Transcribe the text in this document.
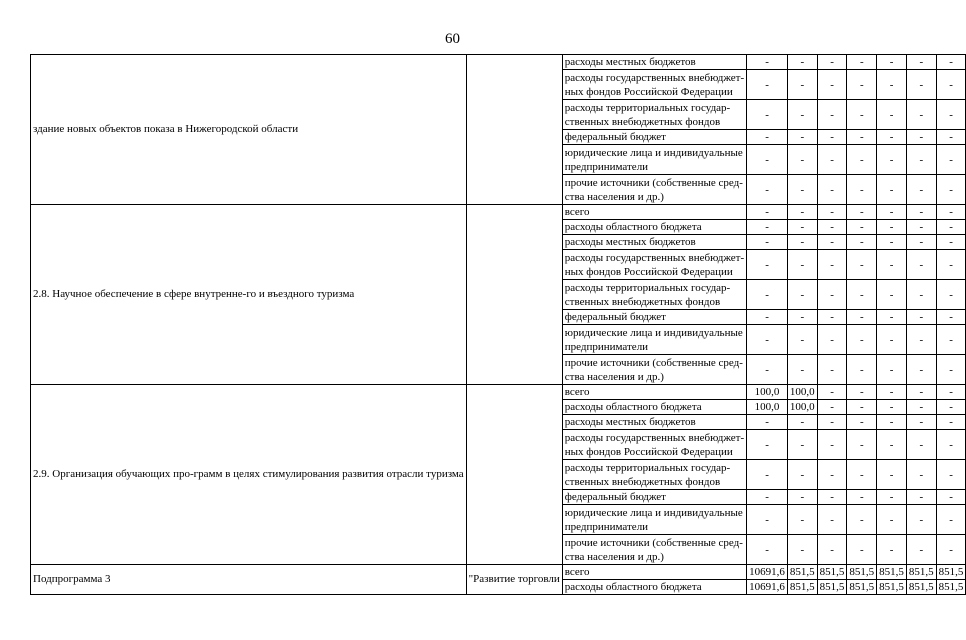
60
здание новых объектов показа в Нижегородской области		расходы местных бюджетов	-	-	-	-	-	-	-
		расходы государственных внебюджет-
ных фондов Российской Федерации	-	-	-	-	-	-	-
		расходы территориальных государ-
ственных внебюджетных фондов	-	-	-	-	-	-	-
		федеральный бюджет	-	-	-	-	-	-	-
		юридические лица и индивидуальные
предприниматели	-	-	-	-	-	-	-
		прочие источники (собственные сред-
ства населения и др.)	-	-	-	-	-	-	-
2.8. Научное обеспечение в сфере внутренне-го и въездного туризма		всего	-	-	-	-	-	-	-
		расходы областного бюджета	-	-	-	-	-	-	-
		расходы местных бюджетов	-	-	-	-	-	-	-
		расходы государственных внебюджет-
ных фондов Российской Федерации	-	-	-	-	-	-	-
		расходы территориальных государ-
ственных внебюджетных фондов	-	-	-	-	-	-	-
		федеральный бюджет	-	-	-	-	-	-	-
		юридические лица и индивидуальные
предприниматели	-	-	-	-	-	-	-
		прочие источники (собственные сред-
ства населения и др.)	-	-	-	-	-	-	-
2.9. Организация обучающих про-грамм в целях стимулирования развития отрасли туризма		всего	100,0	100,0	-	-	-	-	-
		расходы областного бюджета	100,0	100,0	-	-	-	-	-
		расходы местных бюджетов	-	-	-	-	-	-	-
		расходы государственных внебюджет-
ных фондов Российской Федерации	-	-	-	-	-	-	-
		расходы территориальных государ-
ственных внебюджетных фондов	-	-	-	-	-	-	-
		федеральный бюджет	-	-	-	-	-	-	-
		юридические лица и индивидуальные
предприниматели	-	-	-	-	-	-	-
		прочие источники (собственные сред-
ства населения и др.)	-	-	-	-	-	-	-
Подпрограмма 3	"Развитие торговли	всего	10691,6	851,5	851,5	851,5	851,5	851,5	851,5
		расходы областного бюджета	10691,6	851,5	851,5	851,5	851,5	851,5	851,5
